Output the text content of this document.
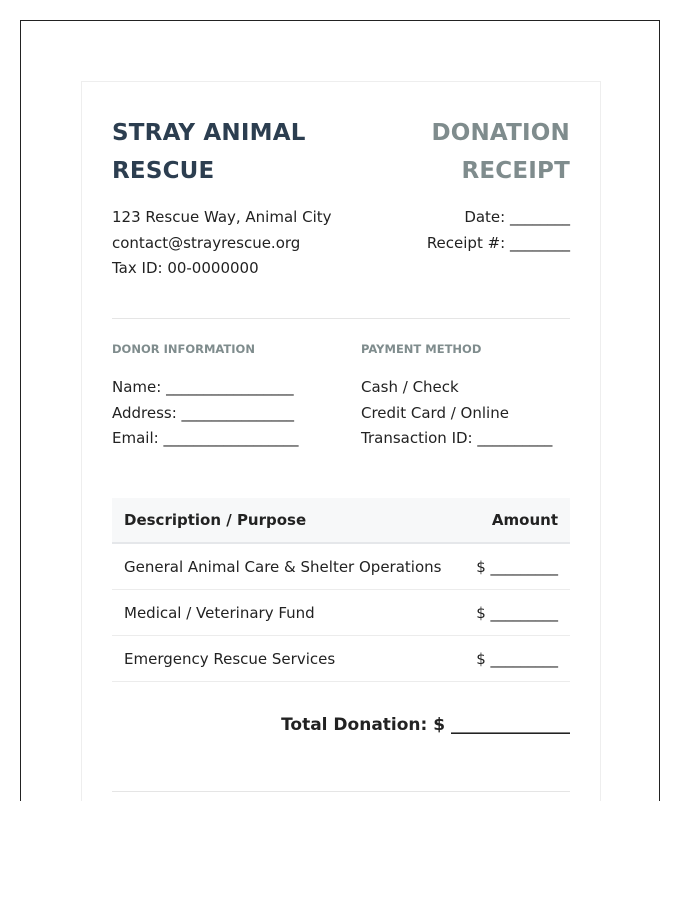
STRAY ANIMAL RESCUE
DONATION RECEIPT
123 Rescue Way, Animal City
contact@strayrescue.org
Tax ID: 00-0000000
Date: ________
Receipt #: ________
DONOR INFORMATION	PAYMENT METHOD
Name: _________________
Address: _______________
Email: __________________
Cash / Check
Credit Card / Online
Transaction ID: __________
Description / Purpose	Amount
General Animal Care & Shelter Operations $ _________
Medical / Veterinary Fund	$ _________
Emergency Rescue Services	$ _________
Total Donation: $ ______________
